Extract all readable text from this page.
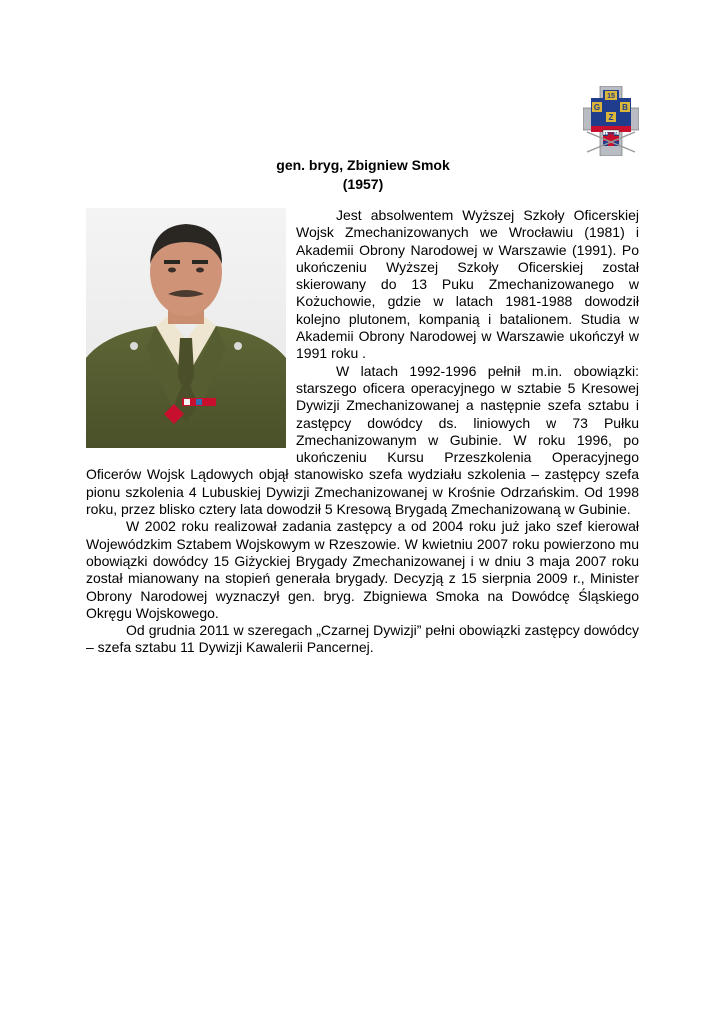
15
G	B
Z
15GBZ
gen. bryg, Zbigniew Smok
(1957)

Jest absolwentem Wyższej Szkoły Oficerskiej Wojsk Zmechanizowanych we Wrocławiu (1981) i Akademii Obrony Narodowej w Warszawie (1991). Po ukończeniu Wyższej Szkoły Oficerskiej został skierowany do 13 Puku Zmechanizowanego w Kożuchowie, gdzie w latach 1981-1988 dowodził kolejno plutonem, kompanią i batalionem. Studia w Akademii Obrony Narodowej w Warszawie ukończył w 1991 roku .

W latach 1992-1996 pełnił m.in. obowiązki: starszego oficera operacyjnego w sztabie 5 Kresowej Dywizji Zmechanizowanej a następnie szefa sztabu i zastępcy dowódcy ds. liniowych w 73 Pułku Zmechanizowanym w Gubinie. W roku 1996, po ukończeniu Kursu Przeszkolenia Operacyjnego Oficerów Wojsk Lądowych objął stanowisko szefa wydziału szkolenia – zastępcy szefa pionu szkolenia 4 Lubuskiej Dywizji Zmechanizowanej w Krośnie Odrzańskim. Od 1998 roku, przez blisko cztery lata dowodził 5 Kresową Brygadą Zmechanizowaną w Gubinie.

W 2002 roku realizował zadania zastępcy a od 2004 roku już jako szef kierował Wojewódzkim Sztabem Wojskowym w Rzeszowie. W kwietniu 2007 roku powierzono mu obowiązki dowódcy 15 Giżyckiej Brygady Zmechanizowanej i w dniu 3 maja 2007 roku został mianowany na stopień generała brygady. Decyzją z 15 sierpnia 2009 r., Minister Obrony Narodowej wyznaczył gen. bryg. Zbigniewa Smoka na Dowódcę Śląskiego Okręgu Wojskowego.

Od grudnia 2011 w szeregach „Czarnej Dywizji” pełni obowiązki zastępcy dowódcy – szefa sztabu 11 Dywizji Kawalerii Pancernej.
